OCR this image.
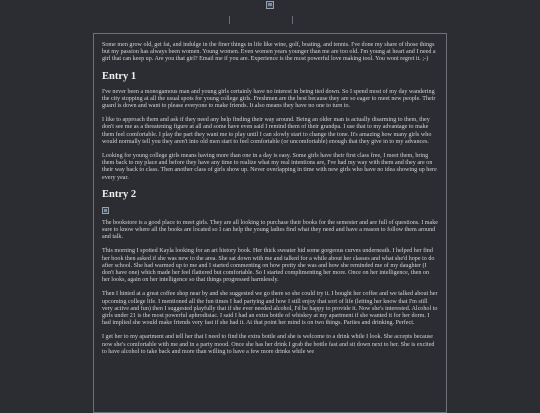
Some men grow old, get fat, and indulge in the finer things in life like wine, golf, boating, and tennis. I've done my share of those things but my passion has always been women. Young women. Even women years younger than me are too old. I'm young at heart and I need a girl that can keep up. Are you that girl? Email me if you are. Experience is the most powerful love making tool. You wont regret it. ;-)

Entry 1

I've never been a monogamous man and young girls certainly have no interest in being tied down. So I spend most of my day wandering the city stopping at all the usual spots for young college girls. Freshmen are the best because they are so eager to meet new people. Their guard is down and want to please everyone to make friends. It also means they have no one to turn to.

I like to approach them and ask if they need any help finding their way around. Being an older man is actually disarming to them, they don't see me as a threatening figure at all and some have even said I remind them of their grandpa. I use that to my advantage to make them feel comfortable. I play the part they want me to play until I can slowly start to change the tone. It's amazing how many girls who would normally tell you they aren't into old men start to feel comfortable (or uncomfortable) enough that they give in to my advances.

Looking for young college girls means having more than one in a day is easy. Some girls have their first class free, I meet them, bring them back to my place and before they have any time to realize what my real intentions are, I've had my way with them and they are on their way back to class. Then another class of girls show up. Never overlapping in time with new girls who have no idea showing up here every year.

Entry 2

The bookstore is a good place to meet girls. They are all looking to purchase their books for the semester and are full of questions. I make sure to know where all the books are located so I can help the young ladies find what they need and have a reason to follow them around and talk.

This morning I spotted Kayla looking for an art history book. Her thick sweater hid some gorgeous curves underneath. I helped her find her book then asked if she was new to the area. She sat down with me and talked for a while about her classes and what she'd hope to do after school. She had warmed up to me and I started commenting on how pretty she was and how she reminded me of my daughter (I don't have one) which made her feel flattered but comfortable. So I started complimenting her more. Once on her intelligence, then on her looks, again on her intelligence so that things progressed harmlessly.

Then I hinted at a great coffee shop near by and she suggested we go there so she could try it. I bought her coffee and we talked about her upcoming college life. I mentioned all the fun times I had partying and how I still enjoy that sort of life (letting her know that I'm still very active and fun) then I suggested playfully that if she ever needed alcohol, I'd be happy to provide it. Now she's interested. Alcohol to girls under 21 is the most powerful aphrodisiac. I said I had an extra bottle of whiskey at my apartment if she wanted it for her dorm. I had implied she would make friends very fast if she had it. At that point her mind is on two things. Parties and drinking. Perfect.

I get her to my apartment and tell her that I need to find the extra bottle and she is welcome to a drink while I look. She accepts because now she's comfortable with me and in a party mood. Once she has her drink I grab the bottle fast and sit down next to her. She is excited to have alcohol to take back and more than willing to have a few more drinks while we
